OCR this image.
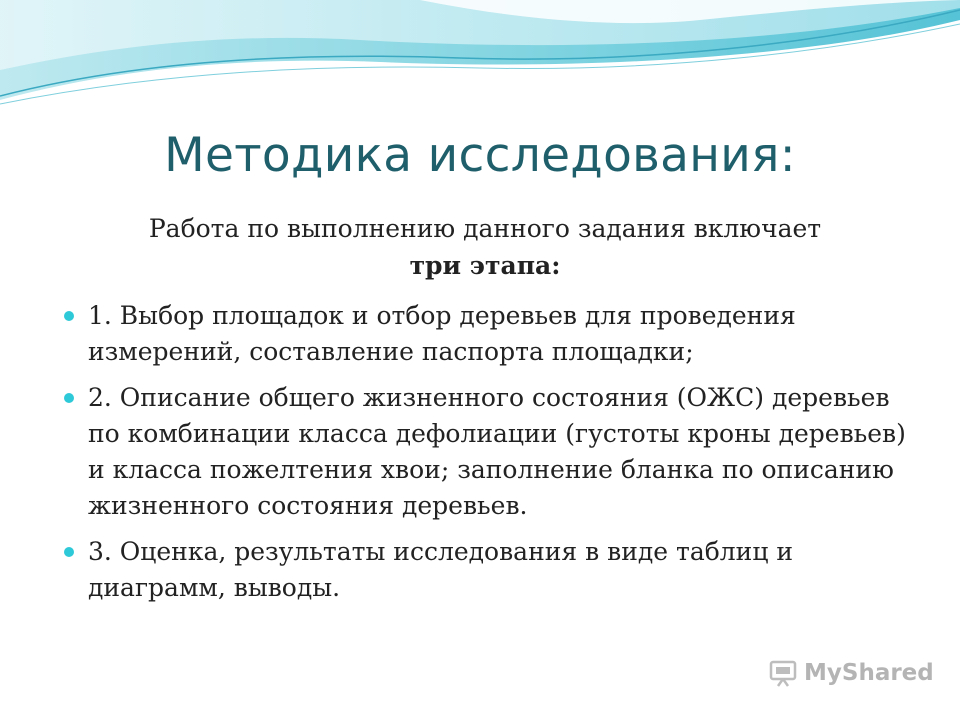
Методика исследования:
Работа по выполнению данного задания включает
три этапа:
1. Выбор площадок и отбор деревьев для проведения измерений, составление паспорта площадки;
2. Описание общего жизненного состояния (ОЖС) деревьев по комбинации класса дефолиации (густоты кроны деревьев) и класса пожелтения хвои; заполнение бланка по описанию жизненного состояния деревьев.
3. Оценка, результаты исследования в виде таблиц и диаграмм, выводы.
MyShared
